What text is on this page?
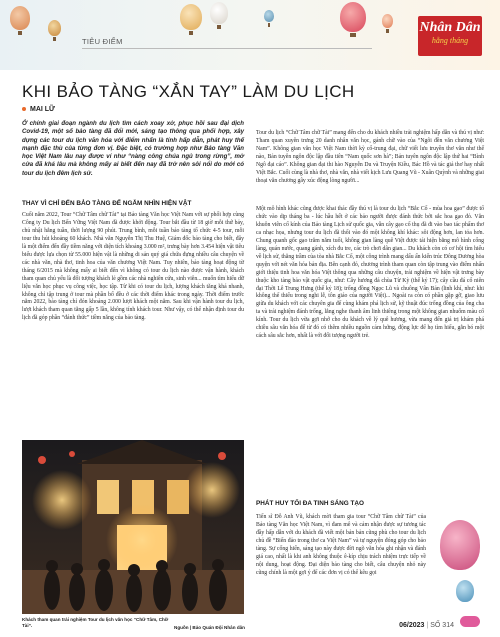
TIÊU ĐIỂM
Nhân Dân
hằng tháng
KHI BẢO TÀNG “XẮN TAY” LÀM DU LỊCH
MAI LỮ

Ở chính giai đoạn ngành du lịch tìm cách xoay xở, phục hồi sau đại dịch Covid-19, một số bảo tàng đã đổi mới, sáng tạo thông qua phối hợp, xây dựng các tour du lịch văn hóa với điểm nhấn là tính hấp dẫn, phát huy thế mạnh đặc thù của từng đơn vị. Đặc biệt, có trường hợp như Bảo tàng Văn học Việt Nam lâu nay được ví như “nàng công chúa ngủ trong rừng”, mở cửa đã khá lâu mà không mấy ai biết đến nay đã trở nên sôi nổi do mới có tour du lịch đêm lịch sử.

THAY VÌ CHỈ ĐẾN BẢO TÀNG ĐỂ NGẮM NHÌN HIỆN VẬT

Cuối năm 2022, Tour “Chữ Tâm chữ Tài” tại Bảo tàng Văn học Việt Nam với sự phối hợp cùng Công ty Du lịch Bến Vững Việt Nam đã được khởi động. Tour bắt đầu từ 18 giờ mỗi thứ bảy, chủ nhật hằng tuần, thời lượng 90 phút. Trung bình, mỗi tuần bảo tàng tổ chức 4-5 tour, mỗi tour thu hút khoảng 60 khách. Nhà văn Nguyễn Thị Thu Huệ, Giám đốc bảo tàng cho biết, đây là một điểm đến đầy tiềm năng với diện tích khoảng 3.000 m², trưng bày hơn 3.454 hiện vật tiêu biểu được lựa chọn từ 55.000 hiện vật là những di sản quý giá chứa đựng nhiều câu chuyện về các nhà văn, nhà thơ, tinh hoa của văn chương Việt Nam. Tuy nhiên, bảo tàng hoạt động từ tháng 6/2015 mà không mấy ai biết đến vì không có tour du lịch nào được vận hành, khách tham quan chủ yếu là đối tượng khách lẻ gồm các nhà nghiên cứu, sinh viên... muốn tìm hiểu dữ liệu văn học phục vụ công việc, học tập. Từ khi có tour du lịch, lượng khách tăng khá nhanh, không chỉ tập trung ở tour mà phần bố đều ở các thời điểm khác trong ngày. Thời điểm trước năm 2022, bảo tàng chỉ đón khoảng 2.000 lượt khách một năm. Sau khi vận hành tour du lịch, lượt khách tham quan tăng gấp 5 lần, không tính khách tour. Như vậy, có thể nhận định tour du lịch đã góp phần “đánh thức” tiềm năng của bảo tàng.

Khách tham quan trải nghiệm Tour du lịch văn học “Chữ Tâm, Chữ Tài”.	Nguồn | Bảo Quán Đội Nhân dân

Tour du lịch “Chữ Tâm chữ Tài” mang đến cho du khách nhiều trải nghiệm hấp dẫn và thú vị như: Tham quan xuyên trưng 20 danh nhân văn học, gánh chữ vào của “Ngôi đền văn chương Việt Nam”. Không gian văn học Việt Nam thời kỳ cổ-trung đại, chữ viết lưu truyền thơ văn như thế nào, Bản tuyên ngôn độc lập đầu tiên “Nam quốc sơn hà”; Bản tuyên ngôn độc lập thứ hai “Bình Ngô đại cáo”. Không gian đại thi hào Nguyễn Du và Truyện Kiều, Bác Hồ và tác giả thơ hay nhất Việt Bắc. Cuối cùng là nhà thơ, nhà văn, nhà viết kịch Lưu Quang Vũ - Xuân Quỳnh và những giai thoại văn chương gây xúc động lòng người...

Một mô hình khác cũng được khai thác đầy thú vị là tour du lịch “Bắc Cổ - mùa hoa gạo” được tổ chức vào dịp tháng ba - lúc hầu hết ở các bảo người được đánh thức bởi sắc hoa gạo đỏ. Văn khuôn viên cổ kính của Bảo tàng Lịch sử quốc gia, vẫn cây gạo cổ thụ đã đi vào bao tác phẩm thơ ca nhạc họa, nhưng tour du lịch đã thổi vào đó một không khí khác: sôi động hơn, lan tỏa hơn. Chung quanh gốc gạo trăm năm tuổi, không gian làng quê Việt được tái hiện bằng mô hình cổng làng, quán nước, quang gánh, xích đu tre, các trò chơi dân gian... Du khách còn có cơ hội tìm hiểu về lịch sử, thăng trầm của tòa nhà Bắc Cổ, một công trình mang dấu ấn kiến trúc Đông Dương hòa quyện với nét văn hóa bản địa. Bên cạnh đó, chương trình tham quan còn tập trung vào điểm nhấn giới thiệu tinh hoa văn hóa Việt thông qua những câu chuyện, trải nghiệm về hiện vật trưng bày thuộc kho tàng bảo vật quốc gia, như: Cây hương đá chùa Từ Kỳ (thế kỷ 17); cây cầu đá cổ niên đại Thời Lê Trung Hưng (thế kỷ 18); trống đồng Ngọc Lũ và chuông Vân Bản (linh khí, như: khi không thể thiếu trong nghi lễ, tôn giáo của người Việt)... Ngoài ra còn có phần gặp gỡ, giao lưu giữa du khách với các chuyên gia để cùng khám phá lịch sử, kỹ thuật đúc trống đồng của ông cha ta và trải nghiệm đánh trống, lắng nghe thanh âm linh thiêng trong một không gian nhuốm màu cổ kính. Tour du lịch vừa gợi nhớ cho du khách về lý quê hương, vừa mang đến giá trị khám phá chiều sâu văn hóa để từ đó có thêm nhiều nguồn cảm hứng, động lực để họ tìm hiểu, gắn bó một cách sâu sắc hơn, nhất là với đối tượng người trẻ.

PHÁT HUY TỐI ĐA TINH SÁNG TẠO

Tiến sĩ Đỗ Anh Vũ, khách mời tham gia tour “Chữ Tâm chữ Tài” của Bảo tàng Văn học Việt Nam, vì đam mê và cảm nhận được sự tương tác đầy hấp dẫn với du khách đã viết một bản bản cũng phù cho tour du lịch chủ đề “Biển đảo trong thơ ca Việt Nam” và tự nguyện đóng góp cho bảo tàng. Sự cống hiến, sáng tạo này được đời ngõ văn hóa ghi nhận và đánh giá cao, nhất là khi anh không thuộc ê-kíp chịu trách nhiệm trực tiếp về nội dung, hoạt động. Đại diện bảo tàng cho biết, câu chuyện nhỏ này cũng chính là một gợi ý để các đơn vị có thể kêu gọi

06/2023 | SỐ 314
